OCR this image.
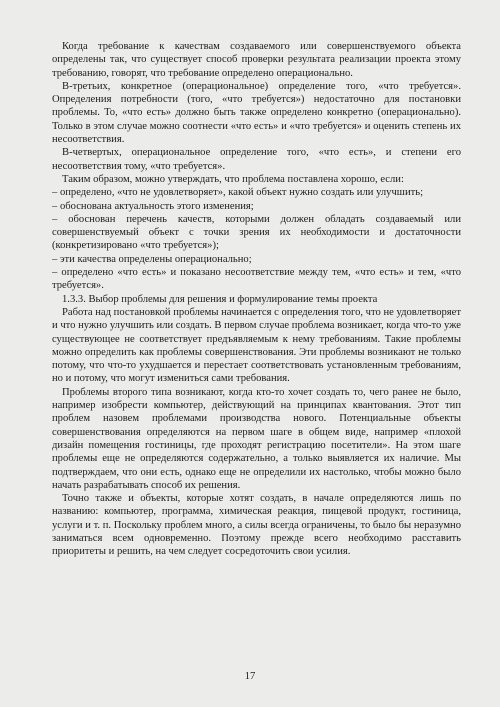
Когда требование к качествам создаваемого или совершенствуемого объекта определены так, что существует способ проверки результата реализации проекта этому требованию, говорят, что требование определено операционально.

В-третьих, конкретное (операциональное) определение того, «что требуется». Определения потребности (того, «что требуется») недостаточно для постановки проблемы. То, «что есть» должно быть также определено конкретно (операционально). Только в этом случае можно соотнести «что есть» и «что требуется» и оценить степень их несоответствия.

В-четвертых, операциональное определение того, «что есть», и степени его несоответствия тому, «что требуется».

Таким образом, можно утверждать, что проблема поставлена хорошо, если:

– определено, «что не удовлетворяет», какой объект нужно создать или улучшить;

– обоснована актуальность этого изменения;

– обоснован перечень качеств, которыми должен обладать создаваемый или совершенствуемый объект с точки зрения их необходимости и достаточности (конкретизировано «что требуется»);

– эти качества определены операционально;

– определено «что есть» и показано несоответствие между тем, «что есть» и тем, «что требуется».

1.3.3. Выбор проблемы для решения и формулирование темы проекта

Работа над постановкой проблемы начинается с определения того, что не удовлетворяет и что нужно улучшить или создать. В первом случае проблема возникает, когда что-то уже существующее не соответствует предъявляемым к нему требованиям. Такие проблемы можно определить как проблемы совершенствования. Эти проблемы возникают не только потому, что что-то ухудшается и перестает соответствовать установленным требованиям, но и потому, что могут измениться сами требования.

Проблемы второго типа возникают, когда кто-то хочет создать то, чего ранее не было, например изобрести компьютер, действующий на принципах квантования. Этот тип проблем назовем проблемами производства нового. Потенциальные объекты совершенствования определяются на первом шаге в общем виде, например «плохой дизайн помещения гостиницы, где проходят регистрацию посетители». На этом шаге проблемы еще не определяются содержательно, а только выявляется их наличие. Мы подтверждаем, что они есть, однако еще не определили их настолько, чтобы можно было начать разрабатывать способ их решения.

Точно также и объекты, которые хотят создать, в начале определяются лишь по названию: компьютер, программа, химическая реакция, пищевой продукт, гостиница, услуги и т. п. Поскольку проблем много, а силы всегда ограничены, то было бы неразумно заниматься всем одновременно. Поэтому прежде всего необходимо расставить приоритеты и решить, на чем следует сосредоточить свои усилия.

17
